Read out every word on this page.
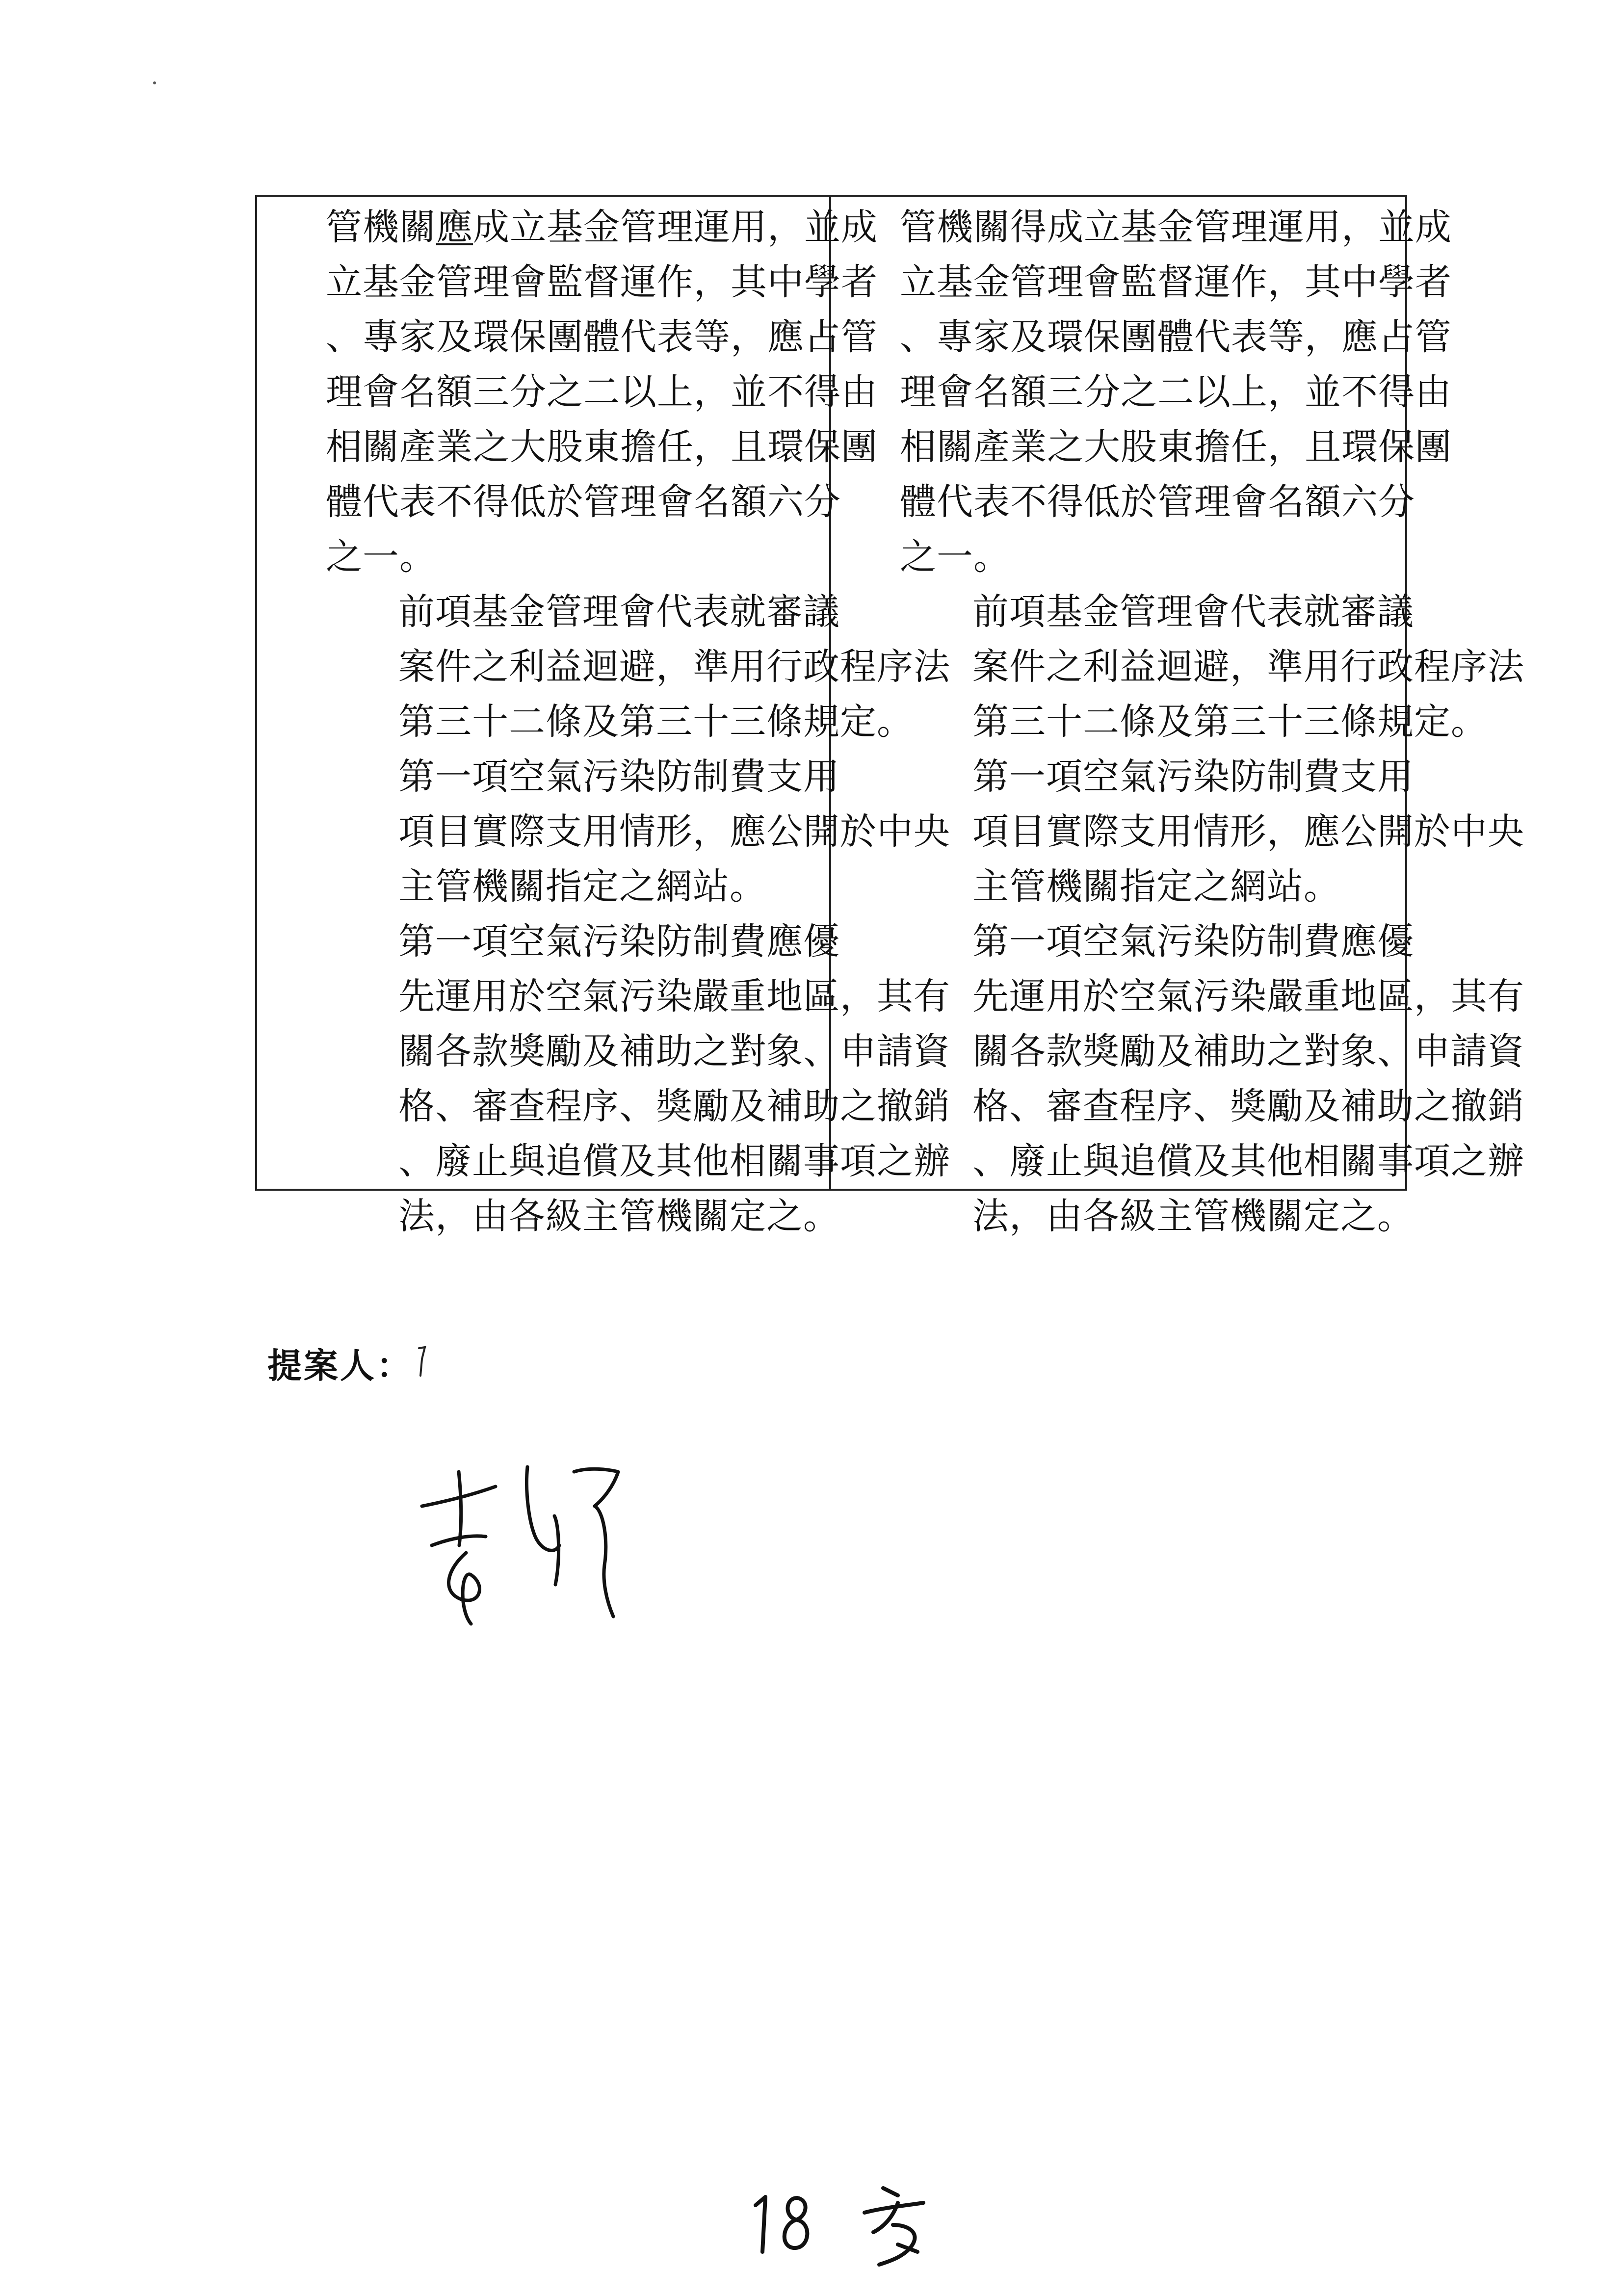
管機關應成立基金管理運用，並成
立基金管理會監督運作，其中學者
、專家及環保團體代表等，應占管
理會名額三分之二以上，並不得由
相關產業之大股東擔任，且環保團
體代表不得低於管理會名額六分
之一。

前項基金管理會代表就審議
案件之利益迴避，準用行政程序法
第三十二條及第三十三條規定。

第一項空氣污染防制費支用
項目實際支用情形，應公開於中央
主管機關指定之網站。

第一項空氣污染防制費應優
先運用於空氣污染嚴重地區，其有
關各款獎勵及補助之對象、申請資
格、審查程序、獎勵及補助之撤銷
、廢止與追償及其他相關事項之辦
法，由各級主管機關定之。

管機關得成立基金管理運用，並成
立基金管理會監督運作，其中學者
、專家及環保團體代表等，應占管
理會名額三分之二以上，並不得由
相關產業之大股東擔任，且環保團
體代表不得低於管理會名額六分
之一。

前項基金管理會代表就審議
案件之利益迴避，準用行政程序法
第三十二條及第三十三條規定。

第一項空氣污染防制費支用
項目實際支用情形，應公開於中央
主管機關指定之網站。

第一項空氣污染防制費應優
先運用於空氣污染嚴重地區，其有
關各款獎勵及補助之對象、申請資
格、審查程序、獎勵及補助之撤銷
、廢止與追償及其他相關事項之辦
法，由各級主管機關定之。

提案人：
